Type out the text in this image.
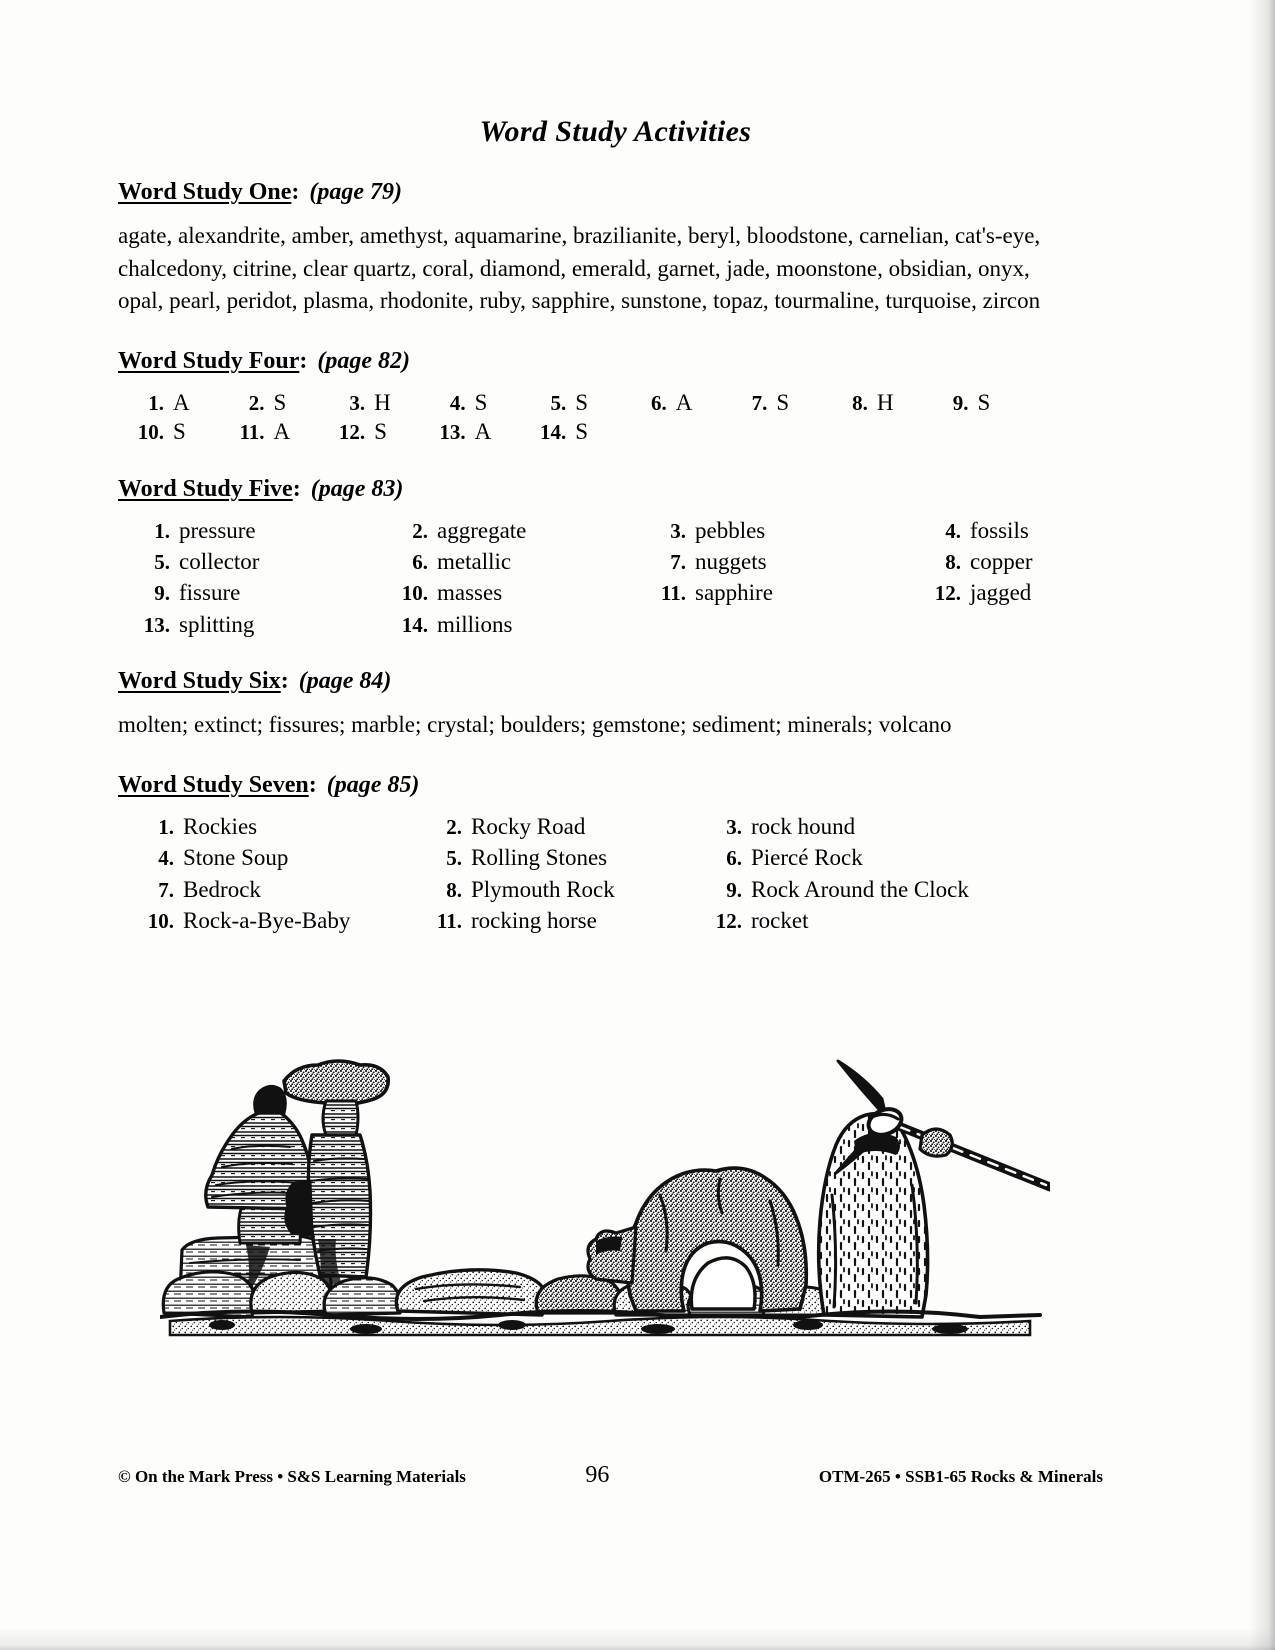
Word Study Activities
Word Study One: (page 79)
agate, alexandrite, amber, amethyst, aquamarine, brazilianite, beryl, bloodstone, carnelian, cat's-eye, chalcedony, citrine, clear quartz, coral, diamond, emerald, garnet, jade, moonstone, obsidian, onyx, opal, pearl, peridot, plasma, rhodonite, ruby, sapphire, sunstone, topaz, tourmaline, turquoise, zircon
Word Study Four: (page 82)
1. A	2. S	3. H	4. S	5. S	6. A	7. S	8. H	9. S
10. S	11. A 12. S	13. A 14. S
Word Study Five: (page 83)
1. pressure	2. aggregate	3. pebbles	4. fossils
5. collector	6. metallic	7. nuggets	8. copper
9. fissure	10. masses	11. sapphire	12. jagged
13. splitting	14. millions
Word Study Six: (page 84)
molten; extinct; fissures; marble; crystal; boulders; gemstone; sediment; minerals; volcano
Word Study Seven: (page 85)
1. Rockies	2. Rocky Road	3. rock hound
4. Stone Soup	5. Rolling Stones	6. Piercé Rock
7. Bedrock	8. Plymouth Rock	9. Rock Around the Clock
10. Rock-a-Bye-Baby	11. rocking horse	12. rocket
© On the Mark Press • S&S Learning Materials	96	OTM-265 • SSB1-65 Rocks & Minerals
